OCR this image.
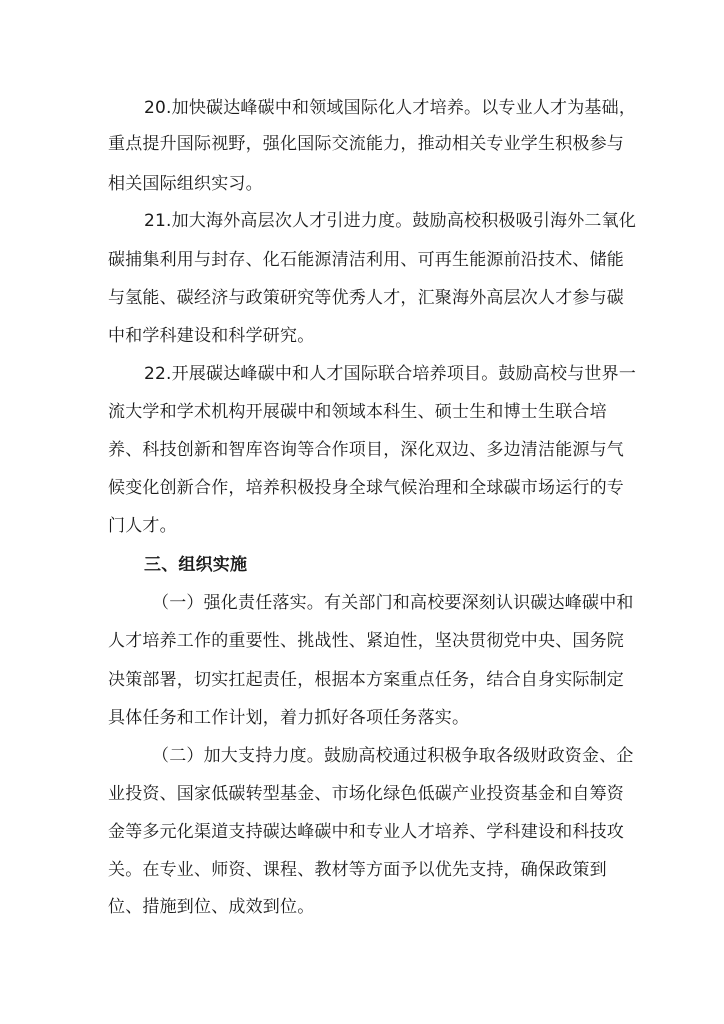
20.加快碳达峰碳中和领域国际化人才培养。以专业人才为基础，
重点提升国际视野，强化国际交流能力，推动相关专业学生积极参与
相关国际组织实习。
21.加大海外高层次人才引进力度。鼓励高校积极吸引海外二氧化
碳捕集利用与封存、化石能源清洁利用、可再生能源前沿技术、储能
与氢能、碳经济与政策研究等优秀人才，汇聚海外高层次人才参与碳
中和学科建设和科学研究。
22.开展碳达峰碳中和人才国际联合培养项目。鼓励高校与世界一
流大学和学术机构开展碳中和领域本科生、硕士生和博士生联合培
养、科技创新和智库咨询等合作项目，深化双边、多边清洁能源与气
候变化创新合作，培养积极投身全球气候治理和全球碳市场运行的专
门人才。
三、组织实施
（一）强化责任落实。有关部门和高校要深刻认识碳达峰碳中和
人才培养工作的重要性、挑战性、紧迫性，坚决贯彻党中央、国务院
决策部署，切实扛起责任，根据本方案重点任务，结合自身实际制定
具体任务和工作计划，着力抓好各项任务落实。
（二）加大支持力度。鼓励高校通过积极争取各级财政资金、企
业投资、国家低碳转型基金、市场化绿色低碳产业投资基金和自筹资
金等多元化渠道支持碳达峰碳中和专业人才培养、学科建设和科技攻
关。在专业、师资、课程、教材等方面予以优先支持，确保政策到
位、措施到位、成效到位。
